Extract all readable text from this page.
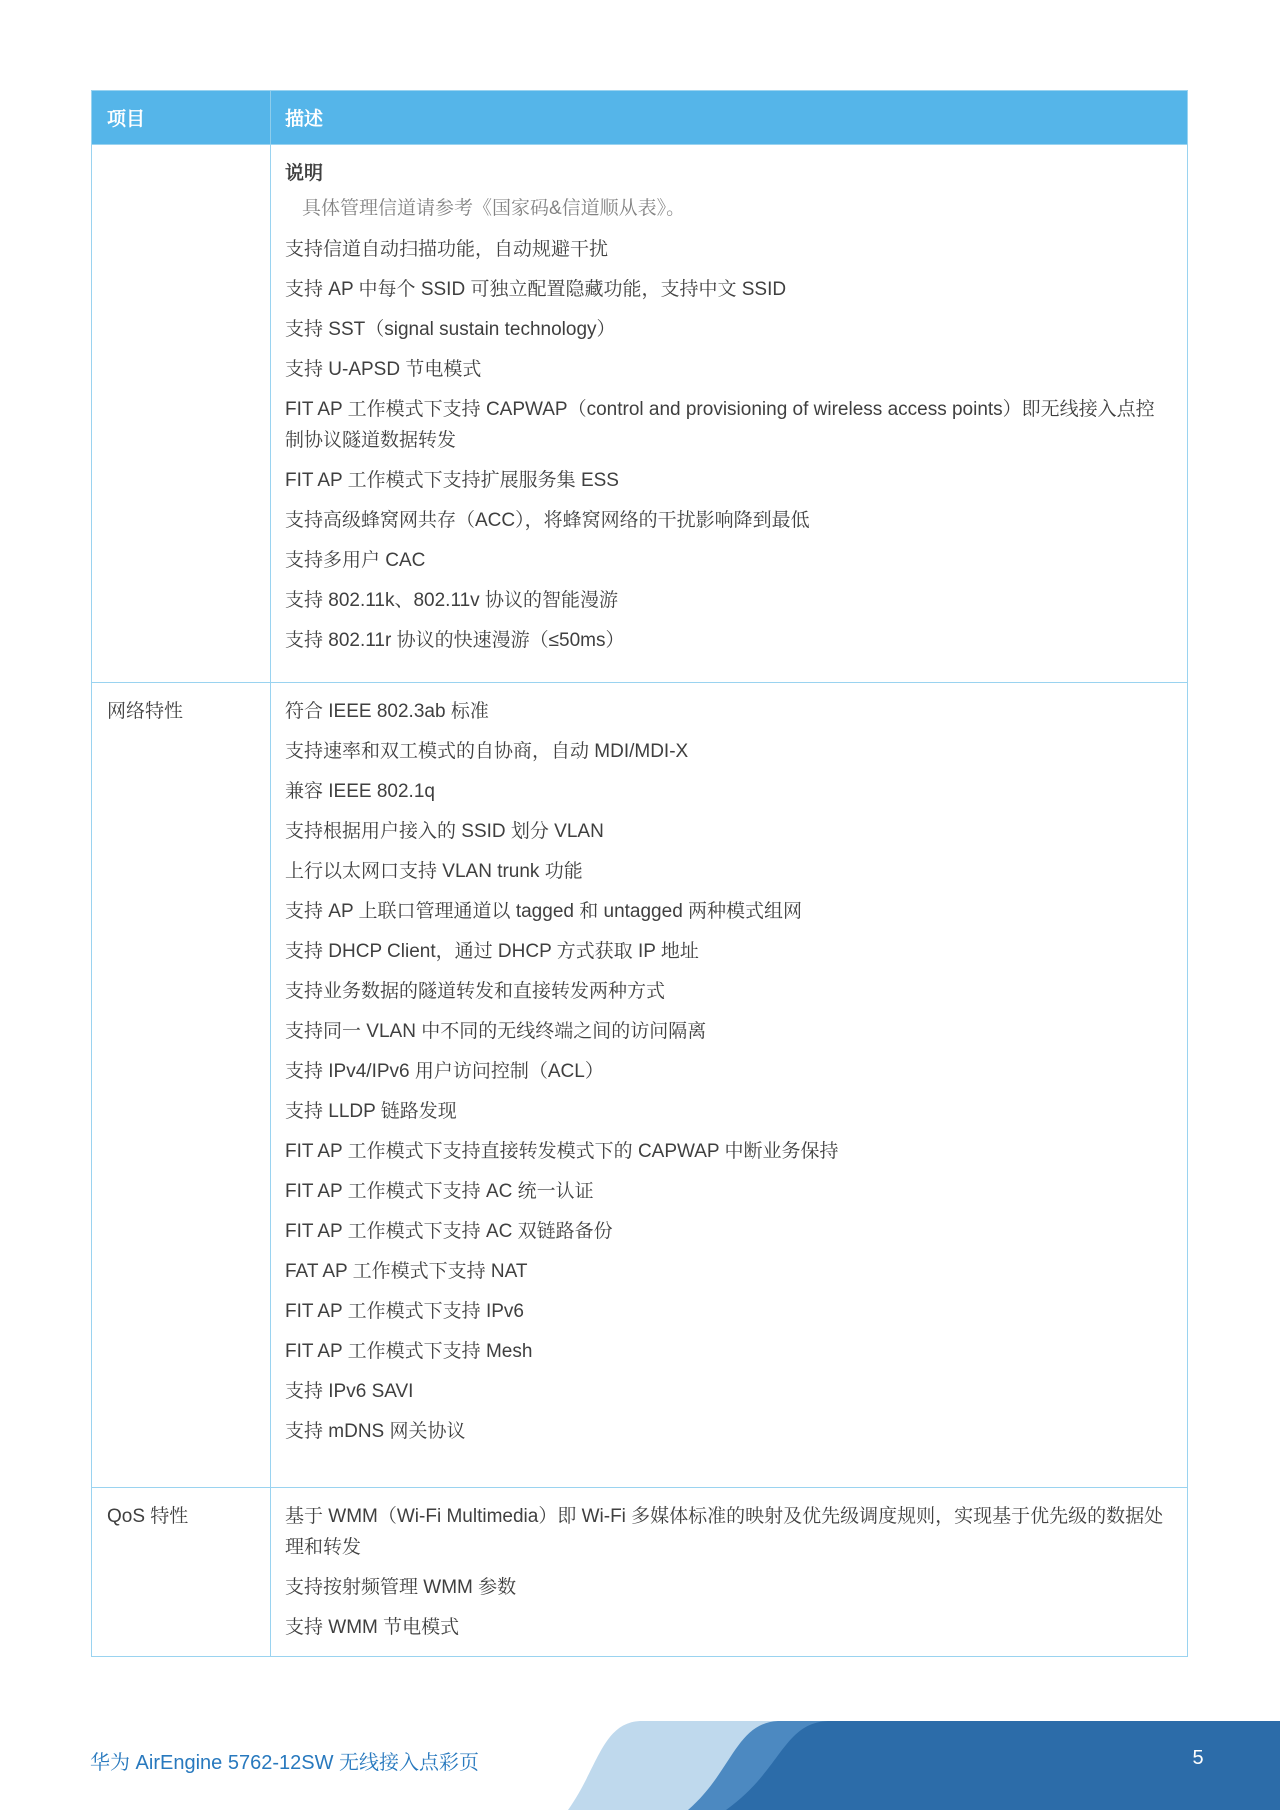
项目	描述
说明
具体管理信道请参考《国家码&信道顺从表》。
支持信道自动扫描功能，自动规避干扰
支持 AP 中每个 SSID 可独立配置隐藏功能，支持中文 SSID
支持 SST（signal sustain technology）
支持 U-APSD 节电模式
FIT AP 工作模式下支持 CAPWAP（control and provisioning of wireless access points）即无线接入点控制协议隧道数据转发
FIT AP 工作模式下支持扩展服务集 ESS
支持高级蜂窝网共存（ACC），将蜂窝网络的干扰影响降到最低
支持多用户 CAC
支持 802.11k、802.11v 协议的智能漫游
支持 802.11r 协议的快速漫游（≤50ms）
网络特性	符合 IEEE 802.3ab 标准
支持速率和双工模式的自协商，自动 MDI/MDI-X
兼容 IEEE 802.1q
支持根据用户接入的 SSID 划分 VLAN
上行以太网口支持 VLAN trunk 功能
支持 AP 上联口管理通道以 tagged 和 untagged 两种模式组网
支持 DHCP Client，通过 DHCP 方式获取 IP 地址
支持业务数据的隧道转发和直接转发两种方式
支持同一 VLAN 中不同的无线终端之间的访问隔离
支持 IPv4/IPv6 用户访问控制（ACL）
支持 LLDP 链路发现
FIT AP 工作模式下支持直接转发模式下的 CAPWAP 中断业务保持
FIT AP 工作模式下支持 AC 统一认证
FIT AP 工作模式下支持 AC 双链路备份
FAT AP 工作模式下支持 NAT
FIT AP 工作模式下支持 IPv6
FIT AP 工作模式下支持 Mesh
支持 IPv6 SAVI
支持 mDNS 网关协议
QoS 特性	基于 WMM（Wi-Fi Multimedia）即 Wi-Fi 多媒体标准的映射及优先级调度规则，实现基于优先级的数据处理和转发
支持按射频管理 WMM 参数
支持 WMM 节电模式
华为 AirEngine 5762-12SW 无线接入点彩页	5
